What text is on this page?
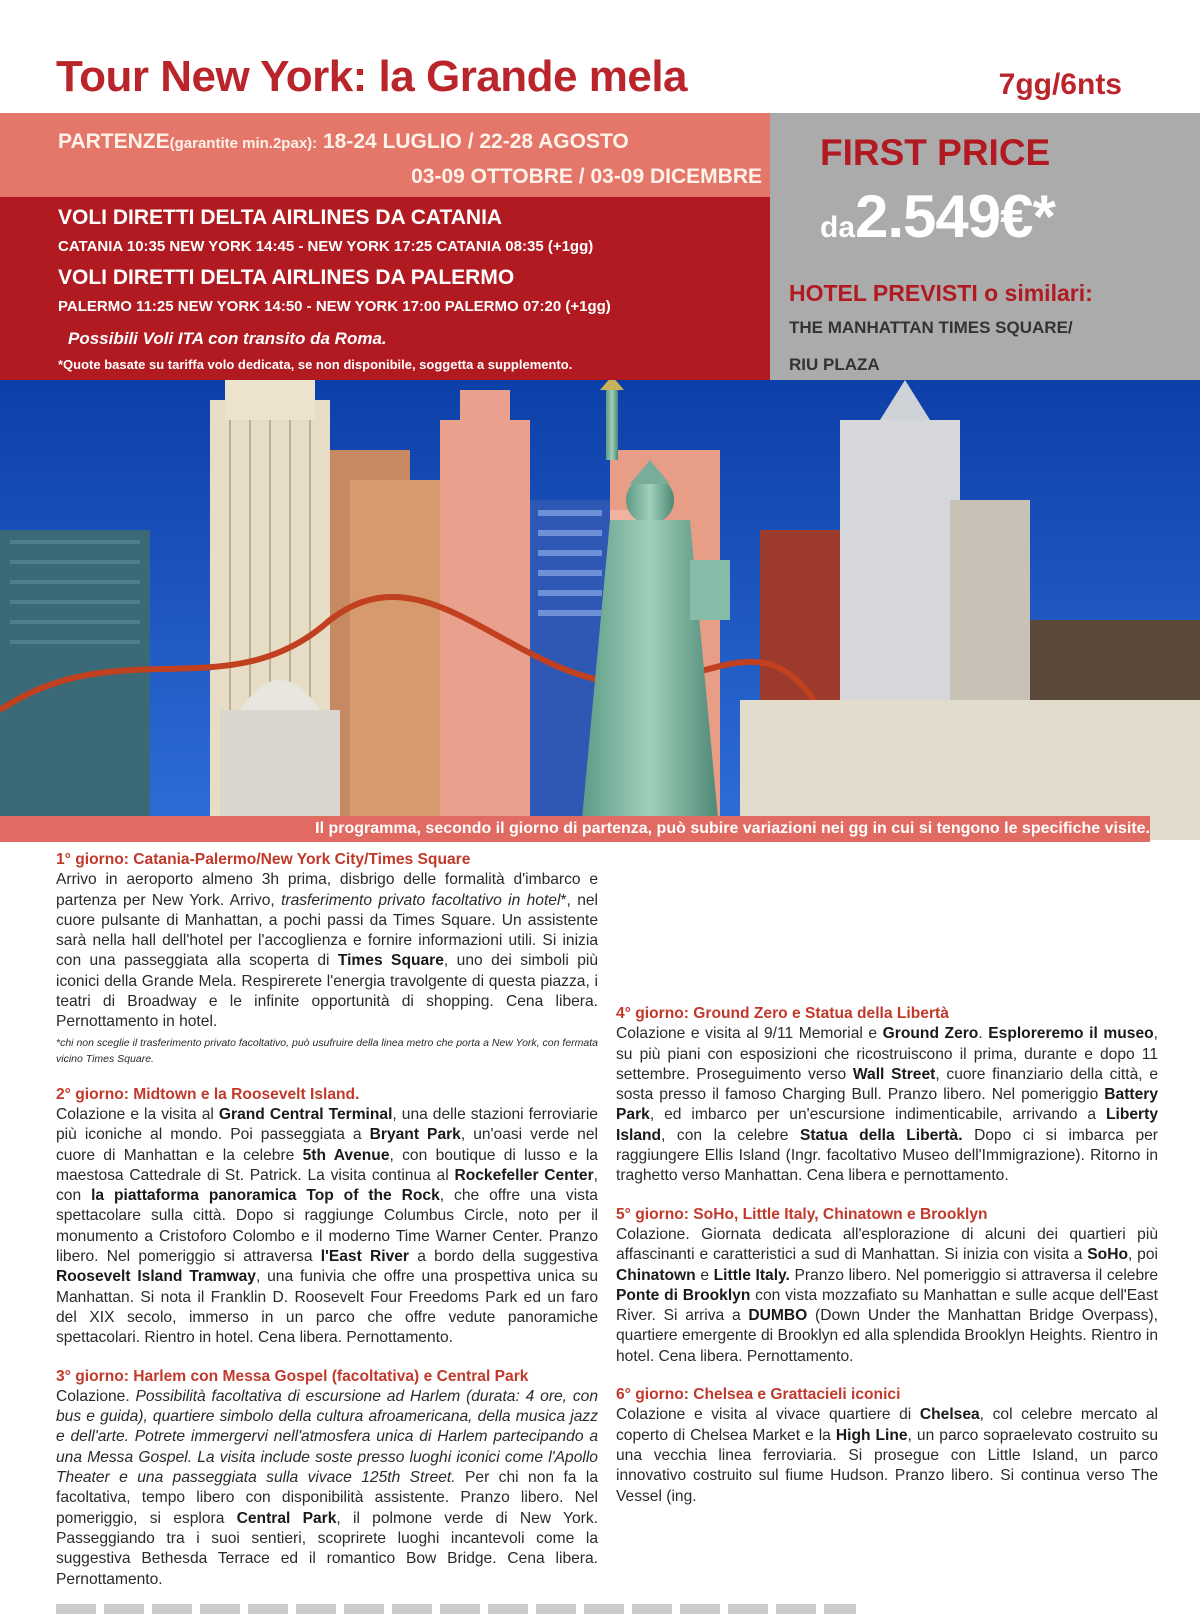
Tour New York: la Grande mela	7gg/6nts
PARTENZE(garantite min.2pax): 18-24 LUGLIO / 22-28 AGOSTO
03-09 OTTOBRE / 03-09 DICEMBRE
VOLI DIRETTI DELTA AIRLINES DA CATANIA
CATANIA 10:35 NEW YORK 14:45 - NEW YORK 17:25 CATANIA 08:35 (+1gg)
VOLI DIRETTI DELTA AIRLINES DA PALERMO
PALERMO 11:25 NEW YORK 14:50 - NEW YORK 17:00 PALERMO 07:20 (+1gg)
Possibili Voli ITA con transito da Roma.
*Quote basate su tariffa volo dedicata, se non disponibile, soggetta a supplemento.
FIRST PRICE
da2.549€*
HOTEL PREVISTI o similari:
THE MANHATTAN TIMES SQUARE/
RIU PLAZA
Il programma, secondo il giorno di partenza, può subire variazioni nei gg in cui si tengono le specifiche visite.

1° giorno: Catania-Palermo/New York City/Times Square

Arrivo in aeroporto almeno 3h prima, disbrigo delle formalità d'imbarco e partenza per New York. Arrivo, trasferimento privato facoltativo in hotel*, nel cuore pulsante di Manhattan, a pochi passi da Times Square. Un assistente sarà nella hall dell'hotel per l'accoglienza e fornire informazioni utili. Si inizia con una passeggiata alla scoperta di Times Square, uno dei simboli più iconici della Grande Mela. Respirerete l'energia travolgente di questa piazza, i teatri di Broadway e le infinite opportunità di shopping. Cena libera. Pernottamento in hotel.

*chi non sceglie il trasferimento privato facoltativo, può usufruire della linea metro che porta a New York, con fermata vicino Times Square.

2° giorno: Midtown e la Roosevelt Island.

Colazione e la visita al Grand Central Terminal, una delle stazioni ferroviarie più iconiche al mondo. Poi passeggiata a Bryant Park, un'oasi verde nel cuore di Manhattan e la celebre 5th Avenue, con boutique di lusso e la maestosa Cattedrale di St. Patrick. La visita continua al Rockefeller Center, con la piattaforma panoramica Top of the Rock, che offre una vista spettacolare sulla città. Dopo si raggiunge Columbus Circle, noto per il monumento a Cristoforo Colombo e il moderno Time Warner Center. Pranzo libero. Nel pomeriggio si attraversa l'East River a bordo della suggestiva Roosevelt Island Tramway, una funivia che offre una prospettiva unica su Manhattan. Si nota il Franklin D. Roosevelt Four Freedoms Park ed un faro del XIX secolo, immerso in un parco che offre vedute panoramiche spettacolari. Rientro in hotel. Cena libera. Pernottamento.

3° giorno: Harlem con Messa Gospel (facoltativa) e Central Park

Colazione. Possibilità facoltativa di escursione ad Harlem (durata: 4 ore, con bus e guida), quartiere simbolo della cultura afroamericana, della musica jazz e dell'arte. Potrete immergervi nell'atmosfera unica di Harlem partecipando a una Messa Gospel. La visita include soste presso luoghi iconici come l'Apollo Theater e una passeggiata sulla vivace 125th Street. Per chi non fa la facoltativa, tempo libero con disponibilità assistente. Pranzo libero. Nel pomeriggio, si esplora Central Park, il polmone verde di New York. Passeggiando tra i suoi sentieri, scoprirete luoghi incantevoli come la suggestiva Bethesda Terrace ed il romantico Bow Bridge. Cena libera. Pernottamento.

4° giorno: Ground Zero e Statua della Libertà

Colazione e visita al 9/11 Memorial e Ground Zero. Esploreremo il museo, su più piani con esposizioni che ricostruiscono il prima, durante e dopo 11 settembre. Proseguimento verso Wall Street, cuore finanziario della città, e sosta presso il famoso Charging Bull. Pranzo libero. Nel pomeriggio Battery Park, ed imbarco per un'escursione indimenticabile, arrivando a Liberty Island, con la celebre Statua della Libertà. Dopo ci si imbarca per raggiungere Ellis Island (Ingr. facoltativo Museo dell'Immigrazione). Ritorno in traghetto verso Manhattan. Cena libera e pernottamento.

5° giorno: SoHo, Little Italy, Chinatown e Brooklyn

Colazione. Giornata dedicata all'esplorazione di alcuni dei quartieri più affascinanti e caratteristici a sud di Manhattan. Si inizia con visita a SoHo, poi Chinatown e Little Italy. Pranzo libero. Nel pomeriggio si attraversa il celebre Ponte di Brooklyn con vista mozzafiato su Manhattan e sulle acque dell'East River. Si arriva a DUMBO (Down Under the Manhattan Bridge Overpass), quartiere emergente di Brooklyn ed alla splendida Brooklyn Heights. Rientro in hotel. Cena libera. Pernottamento.

6° giorno: Chelsea e Grattacieli iconici

Colazione e visita al vivace quartiere di Chelsea, col celebre mercato al coperto di Chelsea Market e la High Line, un parco sopraelevato costruito su una vecchia linea ferroviaria. Si prosegue con Little Island, un parco innovativo costruito sul fiume Hudson. Pranzo libero. Si continua verso The Vessel (ing.
